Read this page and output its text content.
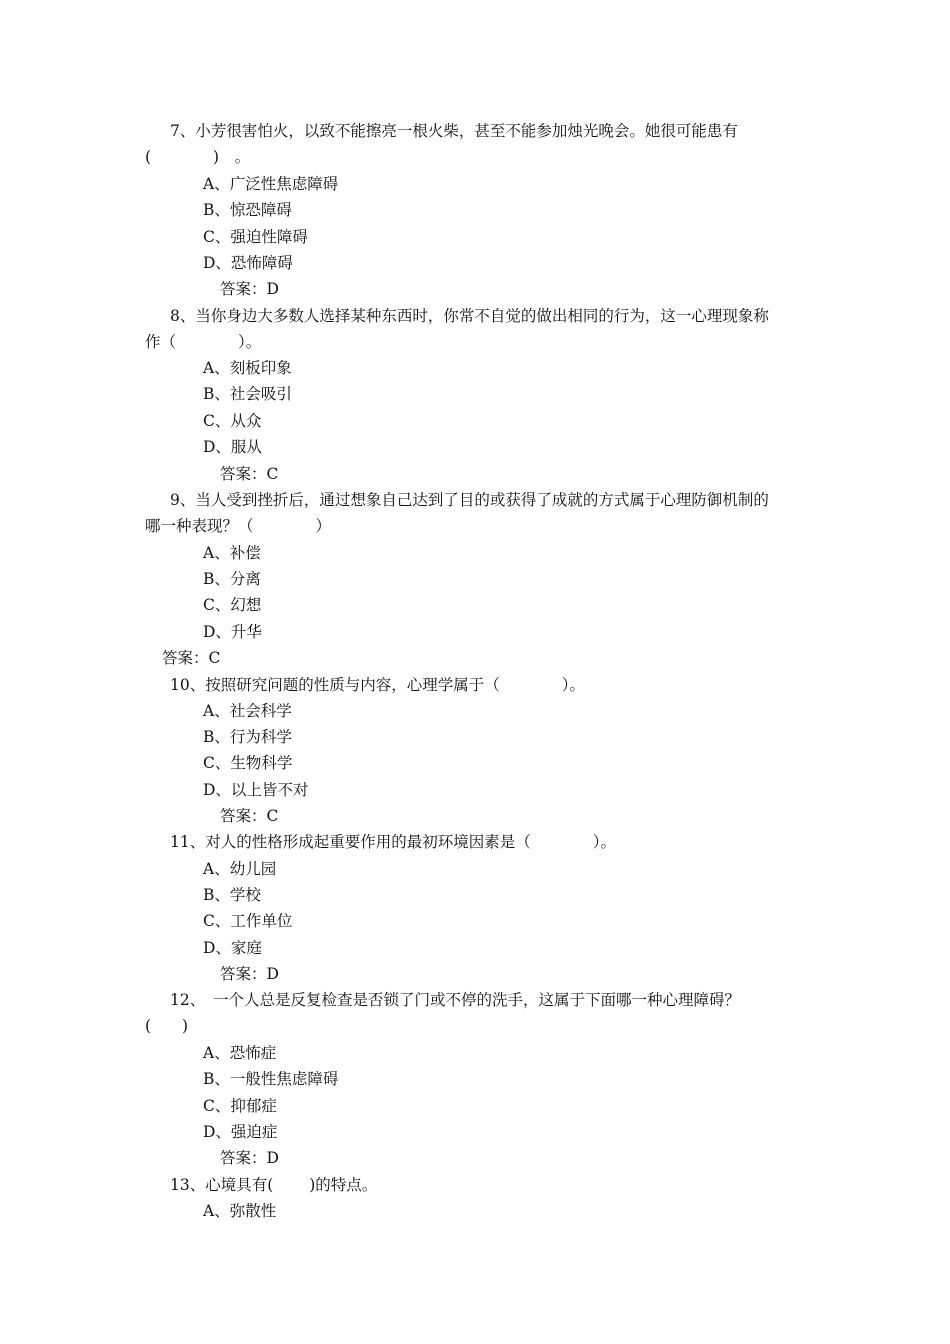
7、小芳很害怕火，以致不能擦亮一根火柴，甚至不能参加烛光晚会。她很可能患有
(　　　　)　。
A、广泛性焦虑障碍
B、惊恐障碍
C、强迫性障碍
D、恐怖障碍
答案：D
8、当你身边大多数人选择某种东西时，你常不自觉的做出相同的行为，这一心理现象称
作（　　　　）。
A、刻板印象
B、社会吸引
C、从众
D、服从
答案：C
9、当人受到挫折后，通过想象自己达到了目的或获得了成就的方式属于心理防御机制的
哪一种表现？（　　　　）
A、补偿
B、分离
C、幻想
D、升华
答案：C
10、按照研究问题的性质与内容，心理学属于（　　　　）。
A、社会科学
B、行为科学
C、生物科学
D、以上皆不对
答案：C
11、对人的性格形成起重要作用的最初环境因素是（　　　　）。
A、幼儿园
B、学校
C、工作单位
D、家庭
答案：D
12、　一个人总是反复检查是否锁了门或不停的洗手，这属于下面哪一种心理障碍？
(　　)
A、恐怖症
B、一般性焦虑障碍
C、抑郁症
D、强迫症
答案：D
13、心境具有(　　 )的特点。
A、弥散性
